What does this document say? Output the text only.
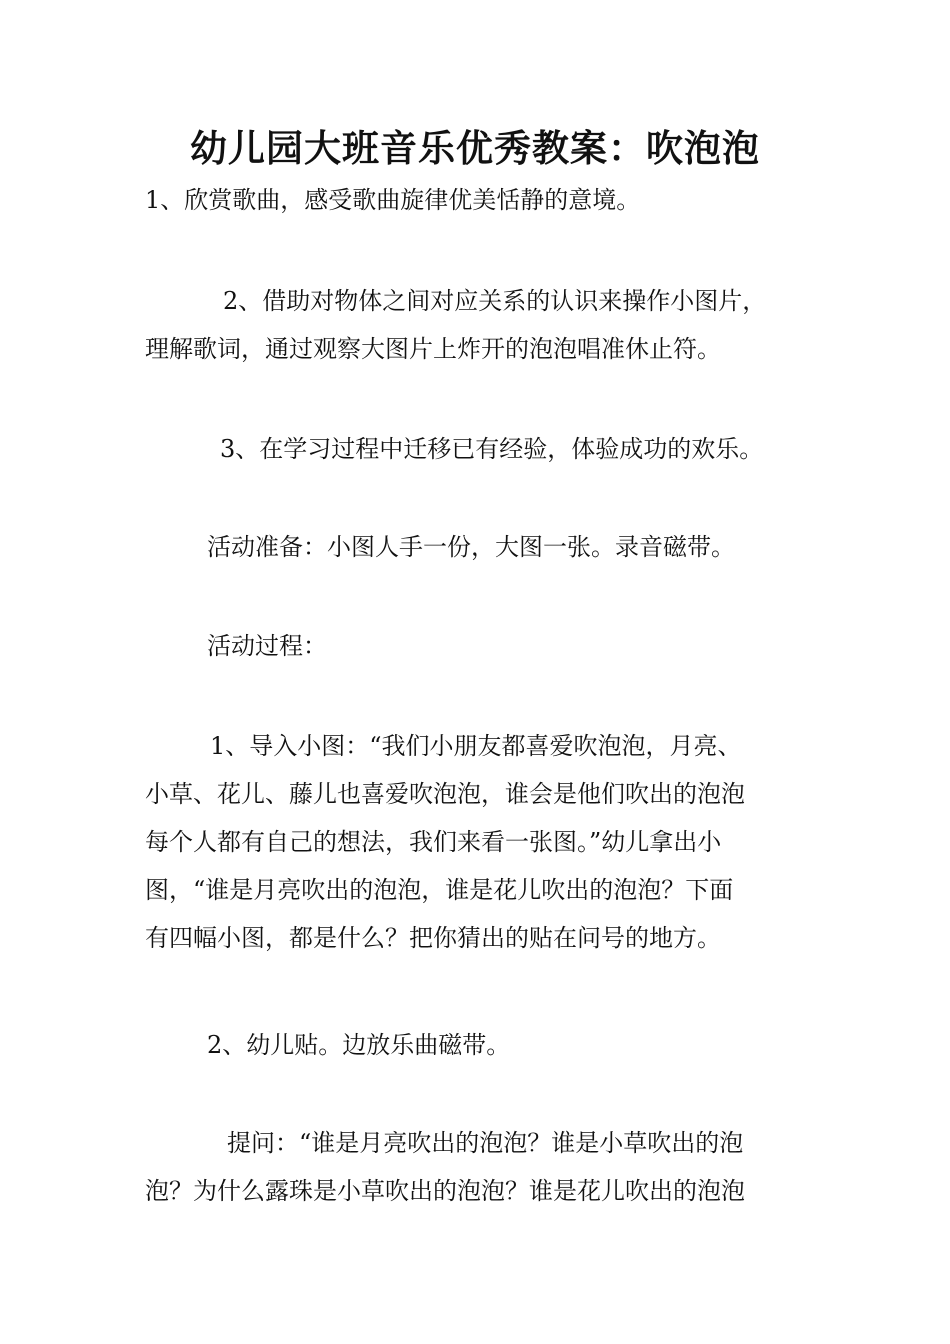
幼儿园大班音乐优秀教案：吹泡泡

1、欣赏歌曲，感受歌曲旋律优美恬静的意境。

2、借助对物体之间对应关系的认识来操作小图片，
理解歌词，通过观察大图片上炸开的泡泡唱准休止符。

3、在学习过程中迁移已有经验，体验成功的欢乐。

活动准备：小图人手一份，大图一张。录音磁带。

活动过程：

1、导入小图：“我们小朋友都喜爱吹泡泡，月亮、
小草、花儿、藤儿也喜爱吹泡泡，谁会是他们吹出的泡泡
每个人都有自己的想法，我们来看一张图。”幼儿拿出小
图，“谁是月亮吹出的泡泡，谁是花儿吹出的泡泡？下面
有四幅小图，都是什么？把你猜出的贴在问号的地方。

2、幼儿贴。边放乐曲磁带。

提问：“谁是月亮吹出的泡泡？谁是小草吹出的泡
泡？为什么露珠是小草吹出的泡泡？谁是花儿吹出的泡泡
